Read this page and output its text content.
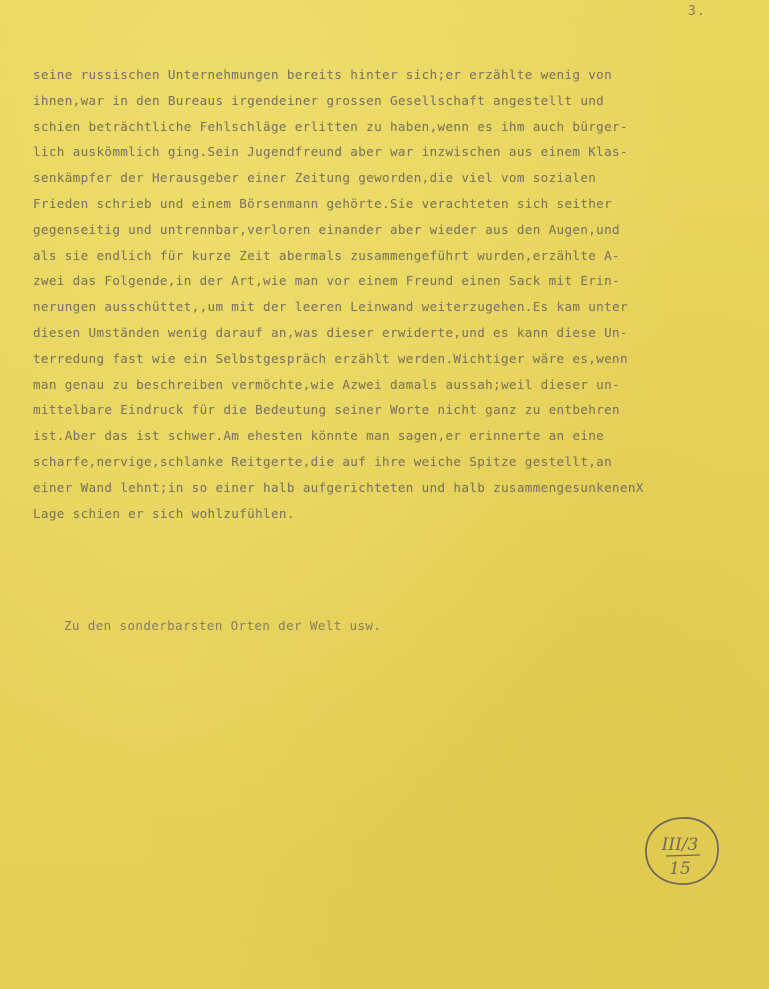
3.
seine russischen Unternehmungen bereits hinter sich;er erzählte wenig von
ihnen,war in den Bureaus irgendeiner grossen Gesellschaft angestellt und
schien beträchtliche Fehlschläge erlitten zu haben,wenn es ihm auch bürger-
lich auskömmlich ging.Sein Jugendfreund aber war inzwischen aus einem Klas-
senkämpfer der Herausgeber einer Zeitung geworden,die viel vom sozialen
Frieden schrieb und einem Börsenmann gehörte.Sie verachteten sich seither
gegenseitig und untrennbar,verloren einander aber wieder aus den Augen,und
als sie endlich für kurze Zeit abermals zusammengeführt wurden,erzählte A-
zwei das Folgende,in der Art,wie man vor einem Freund einen Sack mit Erin-
nerungen ausschüttet,,um mit der leeren Leinwand weiterzugehen.Es kam unter
diesen Umständen wenig darauf an,was dieser erwiderte,und es kann diese Un-
terredung fast wie ein Selbstgespräch erzählt werden.Wichtiger wäre es,wenn
man genau zu beschreiben vermöchte,wie Azwei damals aussah;weil dieser un-
mittelbare Eindruck für die Bedeutung seiner Worte nicht ganz zu entbehren
ist.Aber das ist schwer.Am ehesten könnte man sagen,er erinnerte an eine
scharfe,nervige,schlanke Reitgerte,die auf ihre weiche Spitze gestellt,an
einer Wand lehnt;in so einer halb aufgerichteten und halb zusammengesunkenenX
Lage schien er sich wohlzufühlen.
Zu den sonderbarsten Orten der Welt usw.
III/3
15
